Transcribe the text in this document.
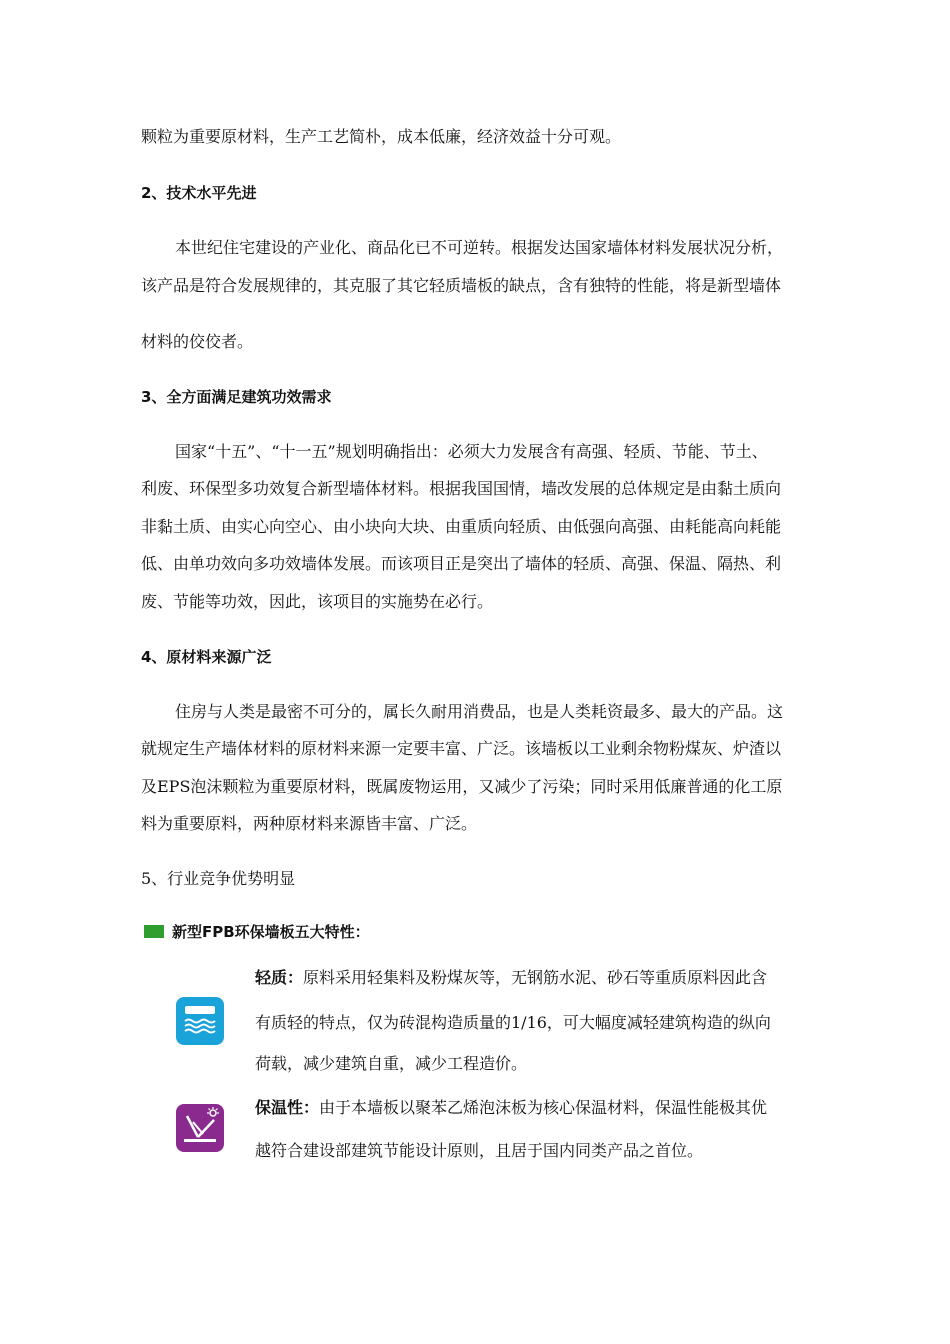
颗粒为重要原材料，生产工艺简朴，成本低廉，经济效益十分可观。
2、技术水平先进
本世纪住宅建设的产业化、商品化已不可逆转。根据发达国家墙体材料发展状况分析，
该产品是符合发展规律的，其克服了其它轻质墙板的缺点，含有独特的性能，将是新型墙体
材料的佼佼者。
3、全方面满足建筑功效需求
国家“十五”、“十一五”规划明确指出：必须大力发展含有高强、轻质、节能、节土、
利废、环保型多功效复合新型墙体材料。根据我国国情，墙改发展的总体规定是由黏土质向
非黏土质、由实心向空心、由小块向大块、由重质向轻质、由低强向高强、由耗能高向耗能
低、由单功效向多功效墙体发展。而该项目正是突出了墙体的轻质、高强、保温、隔热、利
废、节能等功效，因此，该项目的实施势在必行。
4、原材料来源广泛
住房与人类是最密不可分的，属长久耐用消费品，也是人类耗资最多、最大的产品。这
就规定生产墙体材料的原材料来源一定要丰富、广泛。该墙板以工业剩余物粉煤灰、炉渣以
及EPS泡沫颗粒为重要原材料，既属废物运用，又减少了污染；同时采用低廉普通的化工原
料为重要原料，两种原材料来源皆丰富、广泛。
5、行业竞争优势明显
新型FPB环保墙板五大特性：
轻质：原料采用轻集料及粉煤灰等，无钢筋水泥、砂石等重质原料因此含
有质轻的特点，仅为砖混构造质量的1/16，可大幅度减轻建筑构造的纵向
荷载，减少建筑自重，减少工程造价。
保温性：由于本墙板以聚苯乙烯泡沫板为核心保温材料，保温性能极其优
越符合建设部建筑节能设计原则，且居于国内同类产品之首位。
